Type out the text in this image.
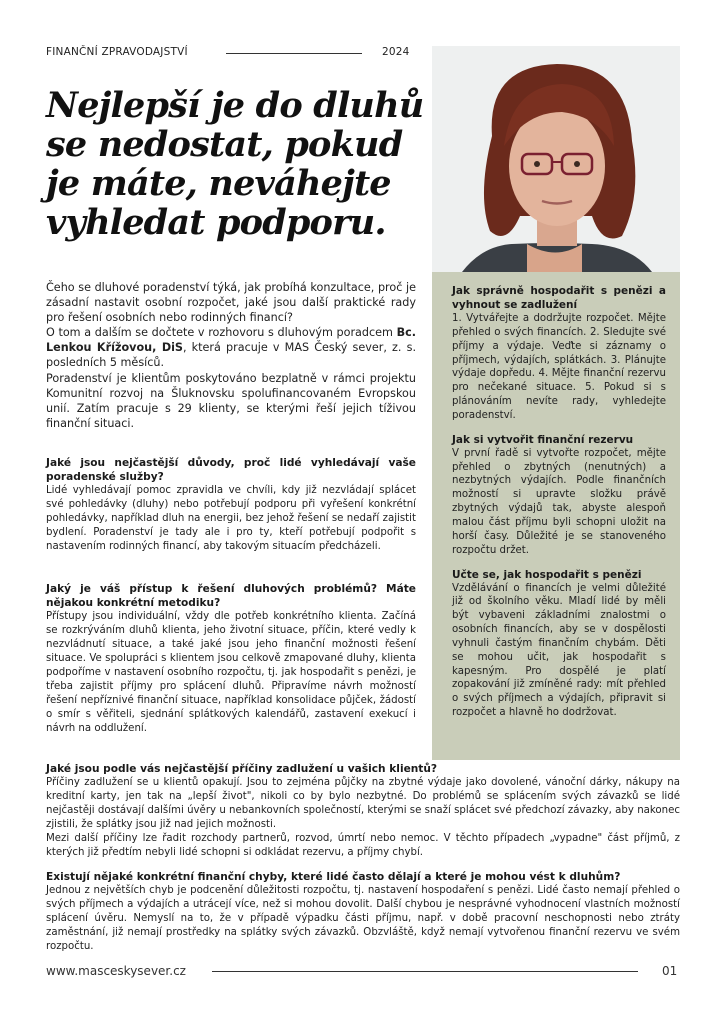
FINANČNÍ ZPRAVODAJSTVÍ	2024
Nejlepší je do dluhů se nedostat, pokud je máte, neváhejte vyhledat podporu.
Jak správně hospodařit s penězi a vyhnout se zadlužení

1. Vytvářejte a dodržujte rozpočet. Mějte přehled o svých financích. 2. Sledujte své příjmy a výdaje. Veďte si záznamy o příjmech, výdajích, splátkách. 3. Plánujte výdaje dopředu. 4. Mějte finanční rezervu pro nečekané situace. 5. Pokud si s plánováním nevíte rady, vyhledejte poradenství.

Jak si vytvořit finanční rezervu

V první řadě si vytvořte rozpočet, mějte přehled o zbytných (nenutných) a nezbytných výdajích. Podle finančních možností si upravte složku právě zbytných výdajů tak, abyste alespoň malou část příjmu byli schopni uložit na horší časy. Důležité je se stanoveného rozpočtu držet.

Učte se, jak hospodařit s penězi

Vzdělávání o financích je velmi důležité již od školního věku. Mladí lidé by měli být vybaveni základními znalostmi o osobních financích, aby se v dospělosti vyhnuli častým finančním chybám. Děti se mohou učit, jak hospodařit s kapesným. Pro dospělé je platí zopakování již zmíněné rady: mít přehled o svých příjmech a výdajích, připravit si rozpočet a hlavně ho dodržovat.

Čeho se dluhové poradenství týká, jak probíhá konzultace, proč je zásadní nastavit osobní rozpočet, jaké jsou další praktické rady pro řešení osobních nebo rodinných financí?

O tom a dalším se dočtete v rozhovoru s dluhovým poradcem Bc. Lenkou Křížovou, DiS, která pracuje v MAS Český sever, z. s. posledních 5 měsíců.

Poradenství je klientům poskytováno bezplatně v rámci projektu Komunitní rozvoj na Šluknovsku spolufinancovaném Evropskou unií. Zatím pracuje s 29 klienty, se kterými řeší jejich tíživou finanční situaci.

Jaké jsou nejčastější důvody, proč lidé vyhledávají vaše poradenské služby?

Lidé vyhledávají pomoc zpravidla ve chvíli, kdy již nezvládají splácet své pohledávky (dluhy) nebo potřebují podporu při vyřešení konkrétní pohledávky, například dluh na energii, bez jehož řešení se nedaří zajistit bydlení. Poradenství je tady ale i pro ty, kteří potřebují podpořit s nastavením rodinných financí, aby takovým situacím předcházeli.

Jaký je váš přístup k řešení dluhových problémů? Máte nějakou konkrétní metodiku?

Přístupy jsou individuální, vždy dle potřeb konkrétního klienta. Začíná se rozkrýváním dluhů klienta, jeho životní situace, příčin, které vedly k nezvládnutí situace, a také jaké jsou jeho finanční možnosti řešení situace. Ve spolupráci s klientem jsou celkově zmapované dluhy, klienta podpoříme v nastavení osobního rozpočtu, tj. jak hospodařit s penězi, je třeba zajistit příjmy pro splácení dluhů. Připravíme návrh možností řešení nepříznivé finanční situace, například konsolidace půjček, žádostí o smír s věřiteli, sjednání splátkových kalendářů, zastavení exekucí i návrh na oddlužení.

Jaké jsou podle vás nejčastější příčiny zadlužení u vašich klientů?

Příčiny zadlužení se u klientů opakují. Jsou to zejména půjčky na zbytné výdaje jako dovolené, vánoční dárky, nákupy na kreditní karty, jen tak na „lepší život", nikoli co by bylo nezbytné. Do problémů se splácením svých závazků se lidé nejčastěji dostávají dalšími úvěry u nebankovních společností, kterými se snaží splácet své předchozí závazky, aby nakonec zjistili, že splátky jsou již nad jejich možnosti.

Mezi další příčiny lze řadit rozchody partnerů, rozvod, úmrtí nebo nemoc. V těchto případech „vypadne" část příjmů, z kterých již předtím nebyli lidé schopni si odkládat rezervu, a příjmy chybí.

Existují nějaké konkrétní finanční chyby, které lidé často dělají a které je mohou vést k dluhům?

Jednou z největších chyb je podcenění důležitosti rozpočtu, tj. nastavení hospodaření s penězi. Lidé často nemají přehled o svých příjmech a výdajích a utrácejí více, než si mohou dovolit. Další chybou je nesprávné vyhodnocení vlastních možností splácení úvěru. Nemyslí na to, že v případě výpadku části příjmu, např. v době pracovní neschopnosti nebo ztráty zaměstnání, již nemají prostředky na splátky svých závazků. Obzvláště, když nemají vytvořenou finanční rezervu ve svém rozpočtu.

www.masceskysever.cz	01
